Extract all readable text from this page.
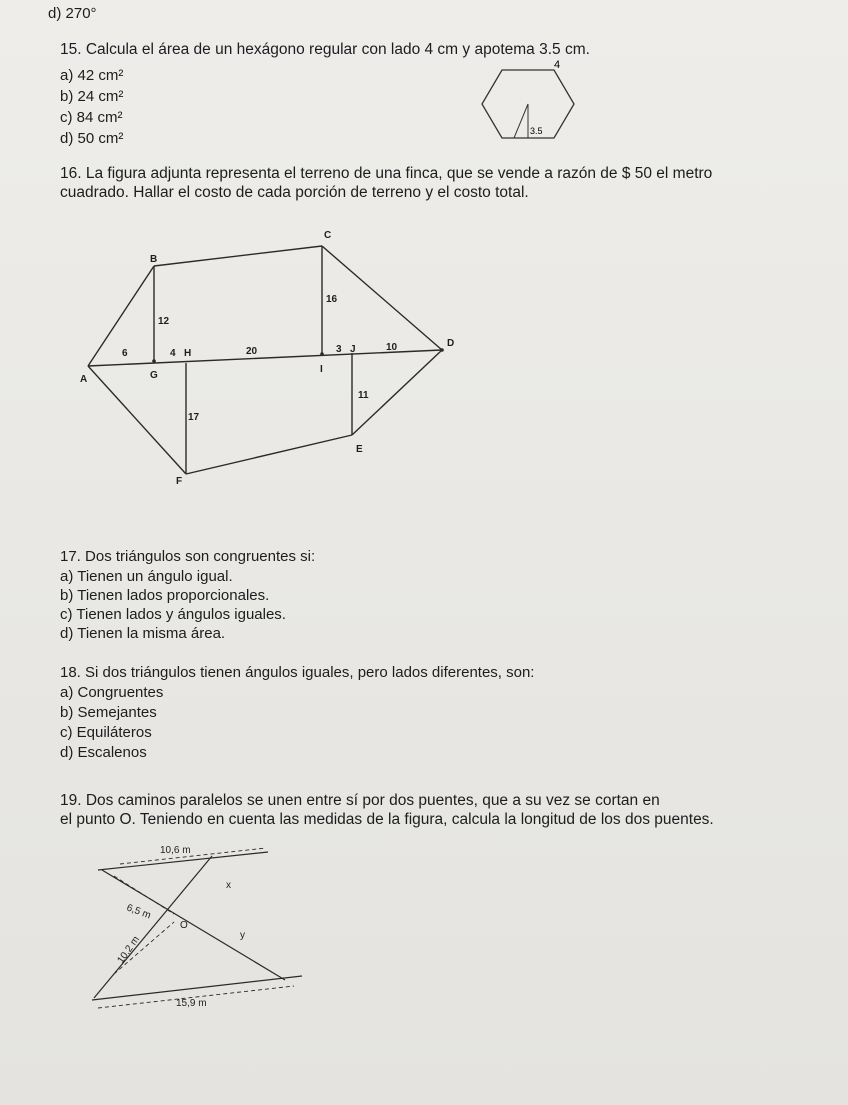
d) 270°
15. Calcula el área de un hexágono regular con lado 4 cm y apotema 3.5 cm.
a) 42 cm²
b) 24 cm²
c) 84 cm²
d) 50 cm²
4
3.5
16. La figura adjunta representa el terreno de una finca, que se vende a razón de $ 50 el metro
cuadrado. Hallar el costo de cada porción de terreno y el costo total.
A
B
C
D
E
F
G
H
I
J
6
12
4	20
16
3	10
11
17
17. Dos triángulos son congruentes si:
a) Tienen un ángulo igual.
b) Tienen lados proporcionales.
c) Tienen lados y ángulos iguales.
d) Tienen la misma área.
18. Si dos triángulos tienen ángulos iguales, pero lados diferentes, son:
a) Congruentes
b) Semejantes
c) Equiláteros
d) Escalenos
19. Dos caminos paralelos se unen entre sí por dos puentes, que a su vez se cortan en
el punto O. Teniendo en cuenta las medidas de la figura, calcula la longitud de los dos puentes.
10,6 m
x
6,5 m
O
y
10,2 m
15,9 m
